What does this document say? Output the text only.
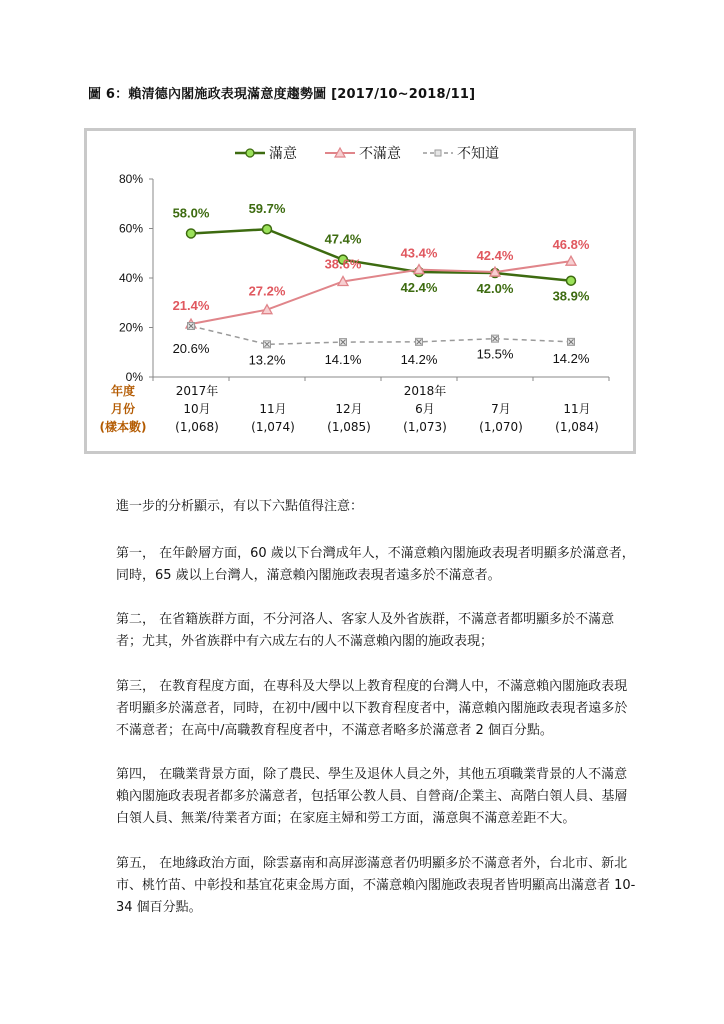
圖 6：賴清德內閣施政表現滿意度趨勢圖 [2017/10~2018/11]
滿意	不滿意	不知道
0%
20%
40%
60%
80%
58.0%	59.7%
47.4%
42.4%	42.0%
38.9%
21.4%
27.2%
38.6%
43.4%	42.4%
46.8%
20.6%
13.2%	14.1%	14.2%	15.5%	14.2%
2017年	2018年
10月	11月	12月	6月	7月	11月
(1,068)	(1,074)	(1,085)	(1,073)	(1,070)	(1,084)
年度
月份
(樣本數)
進一步的分析顯示，有以下六點值得注意：
第一， 在年齡層方面，60 歲以下台灣成年人，不滿意賴內閣施政表現者明顯多於滿意者，同時，65 歲以上台灣人，滿意賴內閣施政表現者遠多於不滿意者。
第二， 在省籍族群方面，不分河洛人、客家人及外省族群，不滿意者都明顯多於不滿意者；尤其，外省族群中有六成左右的人不滿意賴內閣的施政表現；
第三， 在教育程度方面，在專科及大學以上教育程度的台灣人中，不滿意賴內閣施政表現者明顯多於滿意者，同時，在初中/國中以下教育程度者中，滿意賴內閣施政表現者遠多於不滿意者；在高中/高職教育程度者中，不滿意者略多於滿意者 2 個百分點。
第四， 在職業背景方面，除了農民、學生及退休人員之外，其他五項職業背景的人不滿意賴內閣施政表現者都多於滿意者，包括軍公教人員、自營商/企業主、高階白領人員、基層白領人員、無業/待業者方面；在家庭主婦和勞工方面，滿意與不滿意差距不大。
第五， 在地緣政治方面，除雲嘉南和高屏澎滿意者仍明顯多於不滿意者外，台北市、新北市、桃竹苗、中彰投和基宜花東金馬方面，不滿意賴內閣施政表現者皆明顯高出滿意者 10-34 個百分點。
